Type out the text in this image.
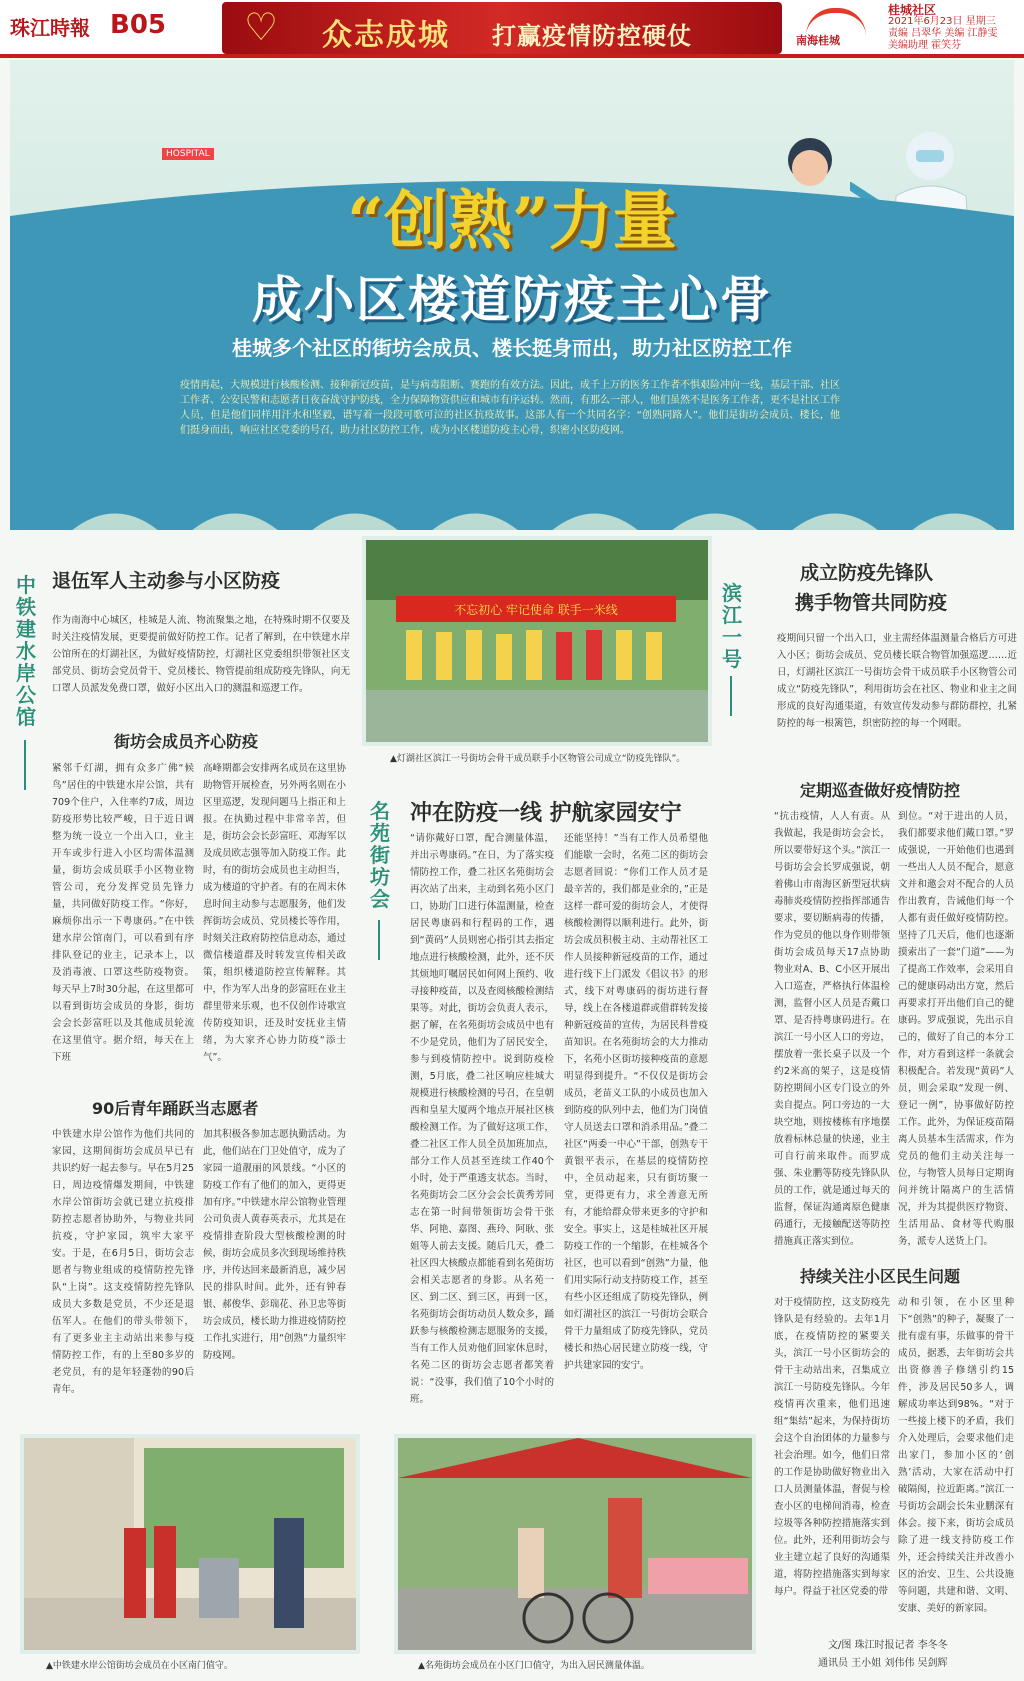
珠江時報 B05 ♡ 众志成城 打赢疫情防控硬仗	南海桂城
桂城社区
2021年6月23日 星期三
责编 吕翠华 美编 江静雯
美编助理 霍笑芬
HOSPITAL
“创熟”力量
成小区楼道防疫主心骨
桂城多个社区的街坊会成员、楼长挺身而出，助力社区防控工作
疫情再起，大规模进行核酸检测、接种新冠疫苗，是与病毒阻断、赛跑的有效方法。因此，成千上万的医务工作者不惧艰险冲向一线，基层干部、社区工作者、公安民警和志愿者日夜奋战守护防线，全力保障物资供应和城市有序运转。然而，有那么一部人，他们虽然不是医务工作者，更不是社区工作人员，但是他们同样用汗水和坚毅，谱写着一段段可歌可泣的社区抗疫故事。这部人有一个共同名字：“创熟同路人”。他们是街坊会成员、楼长，他们挺身而出，响应社区党委的号召，助力社区防控工作，成为小区楼道防疫主心骨，织密小区防疫网。
中铁建水岸公馆
退伍军人主动参与小区防疫
作为南海中心城区，桂城是人流、物流聚集之地，在特殊时期不仅要及时关注疫情发展，更要提前做好防控工作。记者了解到，在中铁建水岸公馆所在的灯湖社区，为做好疫情防控，灯湖社区党委组织带领社区支部党员、街坊会党员骨干、党员楼长、物管提前组成防疫先锋队，向无口罩人员派发免费口罩，做好小区出入口的测温和巡逻工作。
街坊会成员齐心防疫
紧邻千灯湖，拥有众多广佛“候鸟”居住的中铁建水岸公馆，共有709个住户，入住率约7成，周边防疫形势比较严峻，日于近日调整为统一设立一个出入口，业主开车或步行进入小区均需体温测量，街坊会成员联手小区物业物管公司，充分发挥党员先锋力量，共同做好防疫工作。“你好，麻烦你出示一下粤康码。”在中铁建水岸公馆南门，可以看到有序排队登记的业主，记录本上，以及消毒液、口罩这些防疫物资。每天早上7时30分起，在这里都可以看到街坊会成员的身影，街坊会会长彭富旺以及其他成员轮流在这里值守。据介绍，每天在上下班
高峰期都会安排两名成员在这里协助物管开展检查，另外两名则在小区里巡逻，发现问题马上指正和上报。在执勤过程中非常辛苦，但是，街坊会会长彭富旺、邓海军以及成员欧志强等加入防疫工作。此时，有的街坊会成员也主动担当，成为楼道的守护者。有的在周末休息时间主动参与志愿服务，他们发挥街坊会成员、党员楼长等作用，时刻关注政府防控信息动态，通过微信楼道群及时转发宣传相关政策，组织楼道防控宣传解释。其中，作为军人出身的彭富旺在业主群里带来乐观，也不仅创作诗歌宣传防疫知识，还及时安抚业主情绪，为大家齐心协力防疫“添士气”。
90后青年踊跃当志愿者
中铁建水岸公馆作为他们共同的家园，这期间街坊会成员早已有共识约好一起去参与。早在5月25日，周边疫情爆发期间，中铁建水岸公馆街坊会就已建立抗疫排防控志愿者协助外，与物业共同抗疫，守护家园，筑牢大家平安。于是，在6月5日，街坊会志愿者与物业组成的疫情防控先锋队“上岗”。这支疫情防控先锋队成员大多数是党员，不少还是退伍军人。在他们的带头带领下，有了更多业主主动站出来参与疫情防控工作，有的上至80多岁的老党员，有的是年轻蓬勃的90后青年。
加其积极各参加志愿执勤活动。为此，他们站在门卫处值守，成为了家园一道靓丽的风景线。“小区的防疫工作有了他们的加入，更得更加有序。”中铁建水岸公馆物业管理公司负责人黄春英表示，尤其是在疫情排查阶段大型核酸检测的时候，街坊会成员多次到现场维持秩序，并传达回来最新消息，减少居民的排队时间。此外，还有钟春银、郝俊华、彭瑞花、孙卫忠等街坊会成员，楼长助力推进疫情防控工作扎实进行，用“创熟”力量织牢防疫网。
不忘初心 牢记使命 联手一米线
▲灯湖社区滨江一号街坊会骨干成员联手小区物管公司成立“防疫先锋队”。
滨江一号
名苑街坊会
冲在防疫一线 护航家园安宁
“请你戴好口罩，配合测量体温，并出示粤康码。”在日，为了落实疫情防控工作，叠二社区名苑街坊会再次站了出来，主动到名苑小区门口，协助门口进行体温测量，检查居民粤康码和行程码的工作，遇到“黄码”人员则密心指引其去指定地点进行核酸检测，此外，还不厌其烦地叮嘱居民如何网上预约、收寻接种疫苗，以及查阅核酸检测结果等。对此，街坊会负责人表示，据了解，在名苑街坊会成员中也有不少是党员，他们为了居民安全，参与到疫情防控中。说到防疫检测，5月底，叠二社区响应桂城大规模进行核酸检测的号召，在皇朝西和皇星大厦两个地点开展社区核酸检测工作。为了做好这项工作，叠二社区工作人员全员加班加点，部分工作人员甚至连续工作40个小时，处于严重透支状态。当时，名苑街坊会二区分会会长黄秀芳同志在第一时间带领街坊会骨干张华、阿艳、嘉图、燕玲、阿耿、张姐等人前去支援。随后几天，叠二社区四大核酸点都能看到名苑街坊会相关志愿者的身影。从名苑一区、到二区、到三区，再到一区，名苑街坊会街坊动员人数众多，踊跃参与核酸检测志愿服务的支援，当有工作人员劝他们回家休息时，名苑二区的街坊会志愿者都笑着说：“没事，我们值了10个小时的班。
还能坚持！”当有工作人员希望他们能歇一会时，名苑二区的街坊会志愿者回说：“你们工作人员才是最辛苦的，我们都是业余的，”正是这样一群可爱的街坊会人，才使得核酸检测得以顺利进行。此外，街坊会成员积极主动、主动帮社区工作人员接种新冠疫苗的工作，通过进行线下上门派发《倡议书》的形式，线下对粤康码的街坊进行督导，线上在各楼道群或借群转发接种新冠疫苗的宣传，为居民科普疫苗知识。在名苑街坊会的大力推动下，名苑小区街坊接种疫苗的意愿明显得到提升。“不仅仅是街坊会成员，老苗义工队的小成员也加入到防疫的队列中去，他们为门岗值守人员送去口罩和消杀用品。”叠二社区“两委一中心”干部，创熟专干黄银平表示，在基层的疫情防控中，全员动起来，只有街坊聚一堂，更得更有力，求全善意无所有，才能给群众带来更多的守护和安全。事实上，这是桂城社区开展防疫工作的一个缩影，在桂城各个社区，也可以看到“创熟”力量，他们用实际行动支持防疫工作，甚至有些小区还组成了防疫先锋队，例如灯湖社区的滨江一号街坊会联合骨干力量组成了防疫先锋队，党员楼长和热心居民建立防疫一线，守护共建家园的安宁。
成立防疫先锋队
携手物管共同防疫
疫期间只留一个出入口，业主需经体温测量合格后方可进入小区；街坊会成员、党员楼长联合物管加强巡逻……近日，灯湖社区滨江一号街坊会骨干成员联手小区物管公司成立“防疫先锋队”，利用街坊会在社区、物业和业主之间形成的良好沟通渠道，有效宣传发动参与群防群控，扎紧防控的每一根篱笆，织密防控的每一个网眼。
定期巡查做好疫情防控
“抗击疫情，人人有责。从我做起，我是街坊会会长，所以要带好这个头。”滨江一号街坊会会长罗成强说，朝着佛山市南海区新型冠状病毒肺炎疫情防控指挥部通告要求，要切断病毒的传播，作为党员的他以身作则带领街坊会成员每天17点协助物业对A、B、C小区开展出入口巡查，严格执行体温检测，监督小区人员是否戴口罩、是否持粤康码进行。在滨江一号小区人口的旁边，摆放着一张长桌子以及一个约2米高的架子，这是疫情防控期间小区专门设立的外卖自提点。阿口旁边的一大块空地，则按楼栋有序地摆放着标林总量的快递，业主可自行前来取件。而罗成强、朱业鹏等防疫先锋队队员的工作，就是通过每天的监督，保证沟通离原色健康码通行，无接触配送等防控措施真正落实到位。
到位。“对于进出的人员，我们都要求他们戴口罩。”罗成强说，一开始他们也遇到一些出人人员不配合，愿意文并和邀会对不配合的人员作出教育，告诫他们每一个人都有责任做好疫情防控。坚持了几天后，他们也逐渐摸索出了一套“门道”——为了提高工作效率，会采用自己的健康码动出方宽，然后再要求打开出他们自己的健康码。罗成强说，先出示自己的，做好了自己的本分工作，对方看到这样一条就会积极配合。若发现“黄码”人员，则会采取“发现一例、登记一例”，协事做好防控工作。此外，为保证疫苗隔离人员基本生活需求，作为党员的他们主动关注每一位，与物管人员每日定期询问并统计隔离户的生活情况，并为其提供医疗物资、生活用品、食材等代购服务，派专人送货上门。
持续关注小区民生问题
对于疫情防控，这支防疫先锋队是有经验的。去年1月底，在疫情防控的紧要关头，滨江一号小区街坊会的骨干主动站出来，召集成立滨江一号防疫先锋队。今年疫情再次重来，他们迅速组“集结”起来，为保持街坊会这个自治团体的力量参与社会治理。如今，他们日常的工作是协助做好物业出入口人员测量体温，督促与检查小区的电梯间消毒，检查垃圾等各种防控措施落实到位。此外，还利用街坊会与业主建立起了良好的沟通渠道，将防控措施落实到每家每户。得益于社区党委的带
动和引领，在小区里种下“创熟”的种子，凝聚了一批有虚有事，乐做事的骨干成员，据悉，去年街坊会共出资修善子修缮引约15件，涉及居民50多人，调解成功率达到98%。“对于一些接上楼下的矛盾，我们介入处理后，会要求他们走出家门，参加小区的‘创熟’活动，大家在活动中打破隔阂，拉近距离。”滨江一号街坊会副会长朱业鹏深有体会。接下来，街坊会成员除了进一线支持防疫工作外，还会持续关注并改善小区的治安、卫生、公共设施等问题，共建和谐、文明、安康、美好的新家园。
▲中铁建水岸公馆街坊会成员在小区南门值守。	▲名苑街坊会成员在小区门口值守，为出入居民测量体温。
文/图 珠江时报记者 李冬冬
通讯员 王小姐 刘伟伟 吴剑辉
